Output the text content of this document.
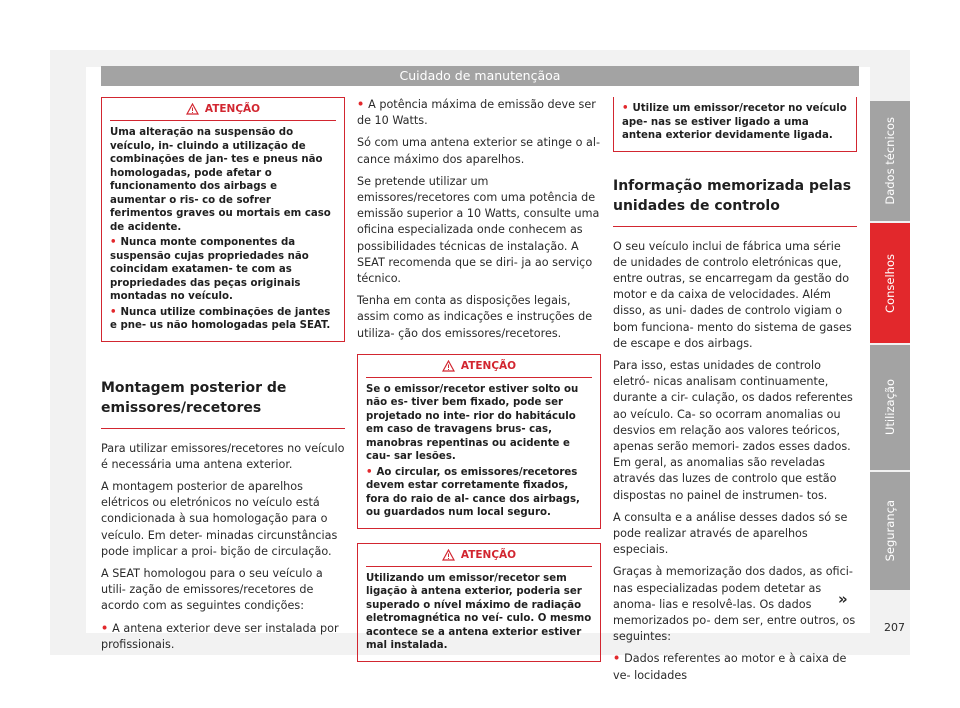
Cuidado de manutençãoa
ATENÇÃO

Uma alteração na suspensão do veículo, in- cluindo a utilização de combinações de jan- tes e pneus não homologadas, pode afetar o funcionamento dos airbags e aumentar o ris- co de sofrer ferimentos graves ou mortais em caso de acidente.

• Nunca monte componentes da suspensão cujas propriedades não coincidam exatamen- te com as propriedades das peças originais montadas no veículo.

• Nunca utilize combinações de jantes e pne- us não homologadas pela SEAT.

Montagem posterior de emissores/recetores

Para utilizar emissores/recetores no veículo é necessária uma antena exterior.

A montagem posterior de aparelhos elétricos ou eletrónicos no veículo está condicionada à sua homologação para o veículo. Em deter- minadas circunstâncias pode implicar a proi- bição de circulação.

A SEAT homologou para o seu veículo a utili- zação de emissores/recetores de acordo com as seguintes condições:

• A antena exterior deve ser instalada por profissionais.

• A potência máxima de emissão deve ser de 10 Watts.

Só com uma antena exterior se atinge o al- cance máximo dos aparelhos.

Se pretende utilizar um emissores/recetores com uma potência de emissão superior a 10 Watts, consulte uma oficina especializada onde conhecem as possibilidades técnicas de instalação. A SEAT recomenda que se diri- ja ao serviço técnico.

Tenha em conta as disposições legais, assim como as indicações e instruções de utiliza- ção dos emissores/recetores.

ATENÇÃO

Se o emissor/recetor estiver solto ou não es- tiver bem fixado, pode ser projetado no inte- rior do habitáculo em caso de travagens brus- cas, manobras repentinas ou acidente e cau- sar lesões.

• Ao circular, os emissores/recetores devem estar corretamente fixados, fora do raio de al- cance dos airbags, ou guardados num local seguro.

ATENÇÃO

Utilizando um emissor/recetor sem ligação à antena exterior, poderia ser superado o nível máximo de radiação eletromagnética no veí- culo. O mesmo acontece se a antena exterior estiver mal instalada.

• Utilize um emissor/recetor no veículo ape- nas se estiver ligado a uma antena exterior devidamente ligada.

Informação memorizada pelas unidades de controlo

O seu veículo inclui de fábrica uma série de unidades de controlo eletrónicas que, entre outras, se encarregam da gestão do motor e da caixa de velocidades. Além disso, as uni- dades de controlo vigiam o bom funciona- mento do sistema de gases de escape e dos airbags.

Para isso, estas unidades de controlo eletró- nicas analisam continuamente, durante a cir- culação, os dados referentes ao veículo. Ca- so ocorram anomalias ou desvios em relação aos valores teóricos, apenas serão memori- zados esses dados. Em geral, as anomalias são reveladas através das luzes de controlo que estão dispostas no painel de instrumen- tos.

A consulta e a análise desses dados só se pode realizar através de aparelhos especiais.

Graças à memorização dos dados, as ofici- nas especializadas podem detetar as anoma- lias e resolvê-las. Os dados memorizados po- dem ser, entre outros, os seguintes:

• Dados referentes ao motor e à caixa de ve- locidades

»
Dados técnicos
Conselhos
Utilização
Segurança
207
